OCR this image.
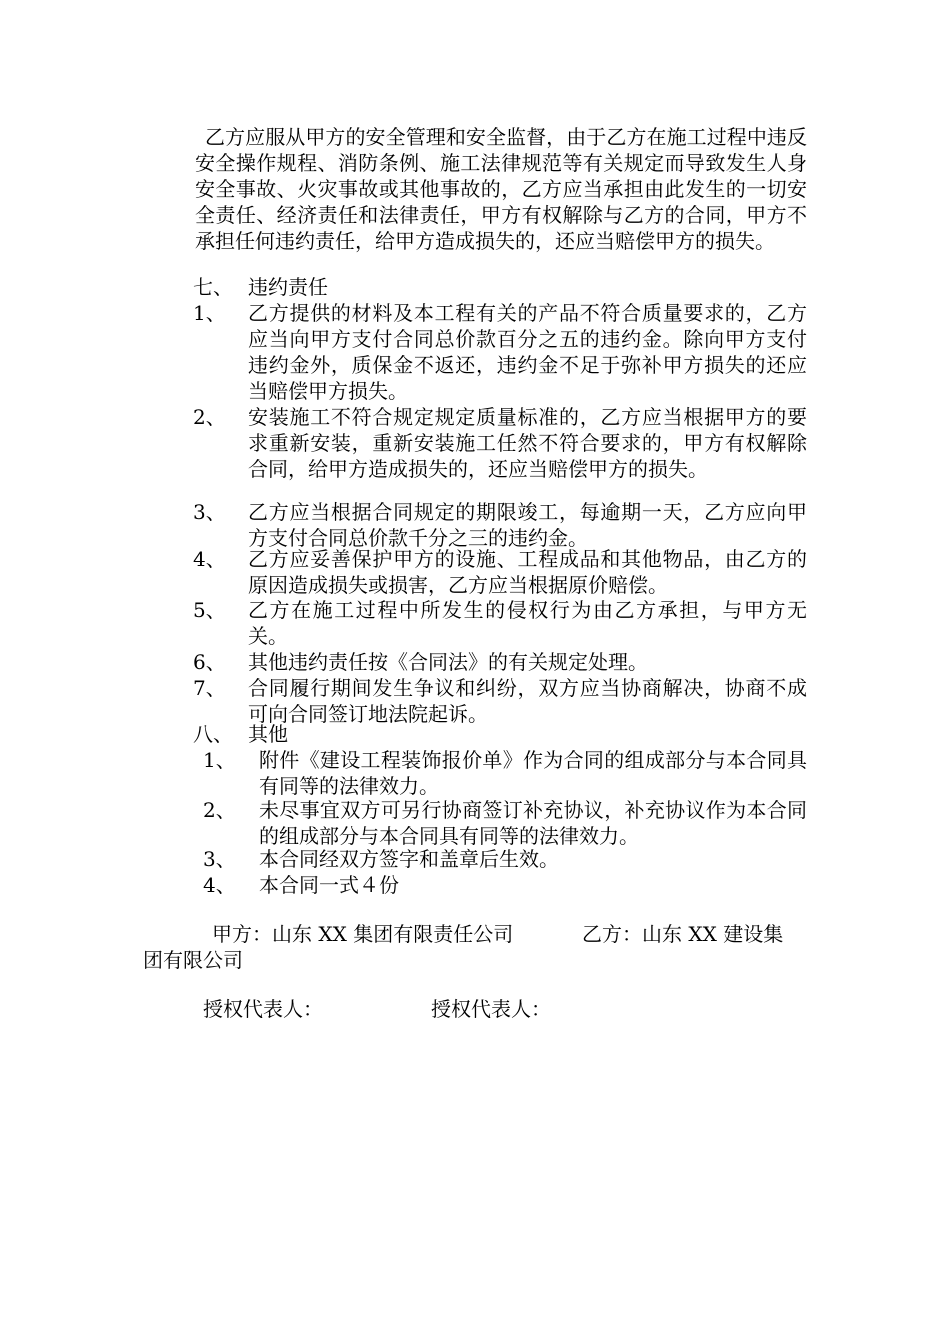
乙方应服从甲方的安全管理和安全监督，由于乙方在施工过程中违反安全操作规程、消防条例、施工法律规范等有关规定而导致发生人身安全事故、火灾事故或其他事故的，乙方应当承担由此发生的一切安全责任、经济责任和法律责任，甲方有权解除与乙方的合同，甲方不承担任何违约责任，给甲方造成损失的，还应当赔偿甲方的损失。

七、 违约责任
1、 乙方提供的材料及本工程有关的产品不符合质量要求的，乙方应当向甲方支付合同总价款百分之五的违约金。除向甲方支付违约金外，质保金不返还，违约金不足于弥补甲方损失的还应当赔偿甲方损失。
2、 安装施工不符合规定规定质量标准的，乙方应当根据甲方的要求重新安装，重新安装施工任然不符合要求的，甲方有权解除合同，给甲方造成损失的，还应当赔偿甲方的损失。
3、 乙方应当根据合同规定的期限竣工，每逾期一天，乙方应向甲方支付合同总价款千分之三的违约金。
4、 乙方应妥善保护甲方的设施、工程成品和其他物品，由乙方的原因造成损失或损害，乙方应当根据原价赔偿。
5、 乙方在施工过程中所发生的侵权行为由乙方承担，与甲方无关。
6、 其他违约责任按《合同法》的有关规定处理。
7、 合同履行期间发生争议和纠纷，双方应当协商解决，协商不成可向合同签订地法院起诉。
八、 其他
1、 附件《建设工程装饰报价单》作为合同的组成部分与本合同具有同等的法律效力。
2、 未尽事宜双方可另行协商签订补充协议，补充协议作为本合同的组成部分与本合同具有同等的法律效力。
3、 本合同经双方签字和盖章后生效。
4、 本合同一式４份
甲方：山东 XX 集团有限责任公司	乙方：山东 XX 建设集
团有限公司
授权代表人：	授权代表人：
